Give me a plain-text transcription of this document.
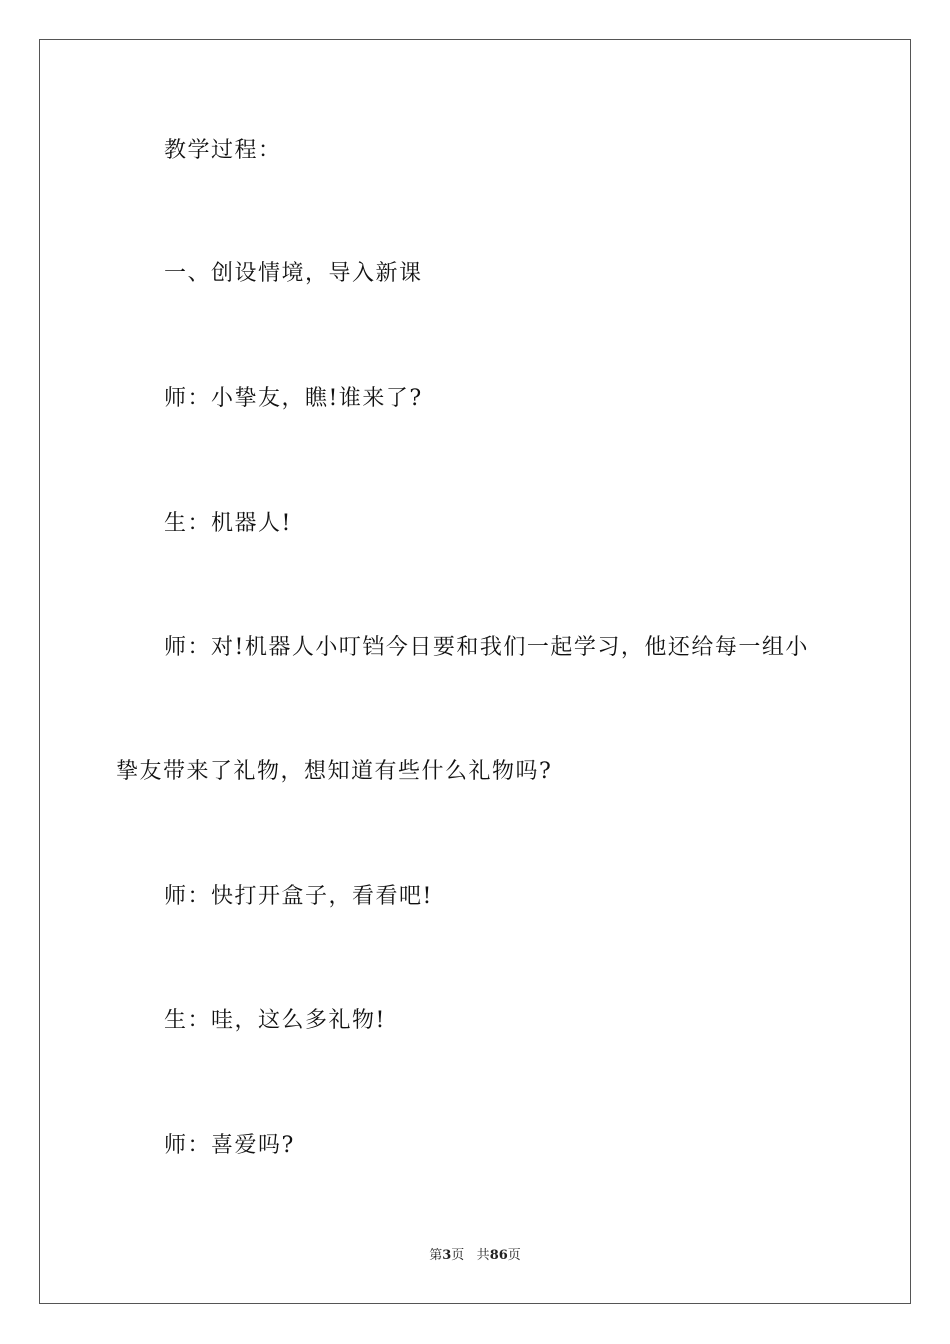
教学过程：
一、创设情境，导入新课
师：小挚友，瞧!谁来了?
生：机器人!
师：对!机器人小叮铛今日要和我们一起学习，他还给每一组小
挚友带来了礼物，想知道有些什么礼物吗?
师：快打开盒子，看看吧!
生：哇，这么多礼物!
师：喜爱吗?
第3页 共86页
